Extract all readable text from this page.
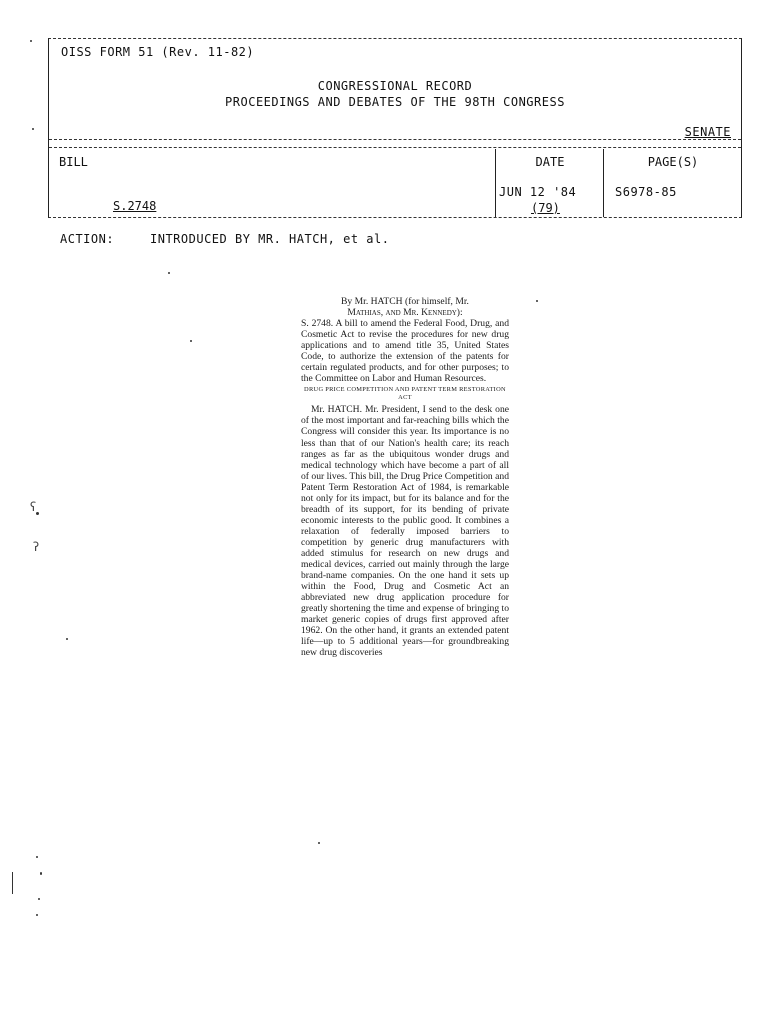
OISS FORM 51 (Rev. 11-82)
CONGRESSIONAL RECORD
PROCEEDINGS AND DEBATES OF THE 98TH CONGRESS
SENATE
BILL
S.2748
DATE
JUN 12 '84
(79)
PAGE(S)
S6978-85
ACTION:	INTRODUCED BY MR. HATCH, et al.

By Mr. HATCH (for himself, Mr.

Mathias, and Mr. Kennedy):

S. 2748. A bill to amend the Federal Food, Drug, and Cosmetic Act to revise the procedures for new drug applications and to amend title 35, United States Code, to authorize the extension of the patents for certain regulated products, and for other purposes; to the Committee on Labor and Human Resources.

DRUG PRICE COMPETITION AND PATENT TERM RESTORATION ACT

Mr. HATCH. Mr. President, I send to the desk one of the most important and far-reaching bills which the Congress will consider this year. Its importance is no less than that of our Nation's health care; its reach ranges as far as the ubiquitous wonder drugs and medical technology which have become a part of all of our lives. This bill, the Drug Price Competition and Patent Term Restoration Act of 1984, is remarkable not only for its impact, but for its balance and for the breadth of its support, for its bending of private economic interests to the public good. It combines a relaxation of federally imposed barriers to competition by generic drug manufacturers with added stimulus for research on new drugs and medical devices, carried out mainly through the large brand-name companies. On the one hand it sets up within the Food, Drug and Cosmetic Act an abbreviated new drug application procedure for greatly shortening the time and expense of bringing to market generic copies of drugs first approved after 1962. On the other hand, it grants an extended patent life—up to 5 additional years—for groundbreaking new drug discoveries

ʕ
ʔ
